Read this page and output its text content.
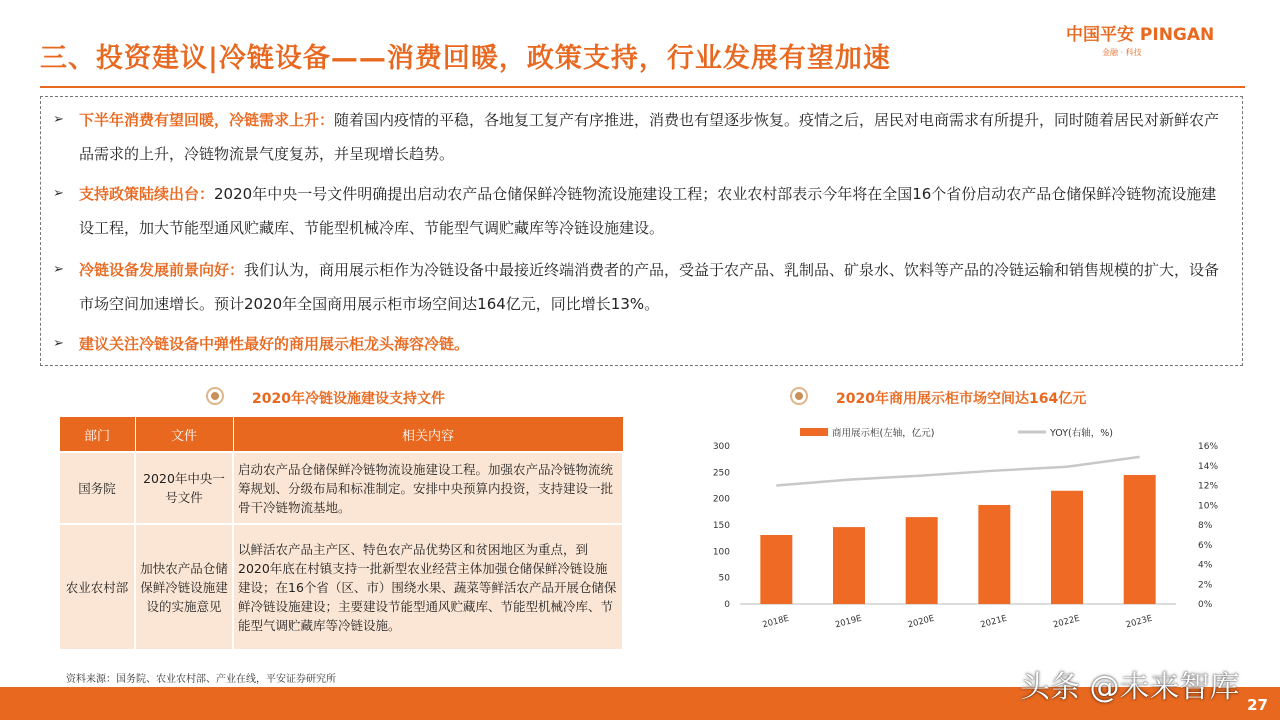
三、投资建议|冷链设备——消费回暖，政策支持，行业发展有望加速
中国平安 PINGAN
金融 · 科技
➢ 下半年消费有望回暖，冷链需求上升：随着国内疫情的平稳，各地复工复产有序推进，消费也有望逐步恢复。疫情之后，居民对电商需求有所提升，同时随着居民对新鲜农产品需求的上升，冷链物流景气度复苏，并呈现增长趋势。
➢ 支持政策陆续出台：2020年中央一号文件明确提出启动农产品仓储保鲜冷链物流设施建设工程；农业农村部表示今年将在全国16个省份启动农产品仓储保鲜冷链物流设施建设工程，加大节能型通风贮藏库、节能型机械冷库、节能型气调贮藏库等冷链设施建设。
➢ 冷链设备发展前景向好：我们认为，商用展示柜作为冷链设备中最接近终端消费者的产品，受益于农产品、乳制品、矿泉水、饮料等产品的冷链运输和销售规模的扩大，设备市场空间加速增长。预计2020年全国商用展示柜市场空间达164亿元，同比增长13%。
➢ 建议关注冷链设备中弹性最好的商用展示柜龙头海容冷链。
2020年冷链设施建设支持文件
部门	文件	相关内容
国务院	2020年中央一号文件	启动农产品仓储保鲜冷链物流设施建设工程。加强农产品冷链物流统筹规划、分级布局和标准制定。安排中央预算内投资，支持建设一批骨干冷链物流基地。
农业农村部	加快农产品仓储保鲜冷链设施建设的实施意见	以鲜活农产品主产区、特色农产品优势区和贫困地区为重点，到2020年底在村镇支持一批新型农业经营主体加强仓储保鲜冷链设施建设；在16个省（区、市）围绕水果、蔬菜等鲜活农产品开展仓储保鲜冷链设施建设；主要建设节能型通风贮藏库、节能型机械冷库、节能型气调贮藏库等冷链设施。
2020年商用展示柜市场空间达164亿元
商用展示柜(左轴，亿元)	YOY(右轴，%)
0
50
100
150
200
250
300
0%
2%
4%
6%
8%
10%
12%
14%
16%
2018E	2019E	2020E	2021E	2022E	2023E
资料来源：国务院、农业农村部、产业在线，平安证券研究所
27
头条 @未来智库
